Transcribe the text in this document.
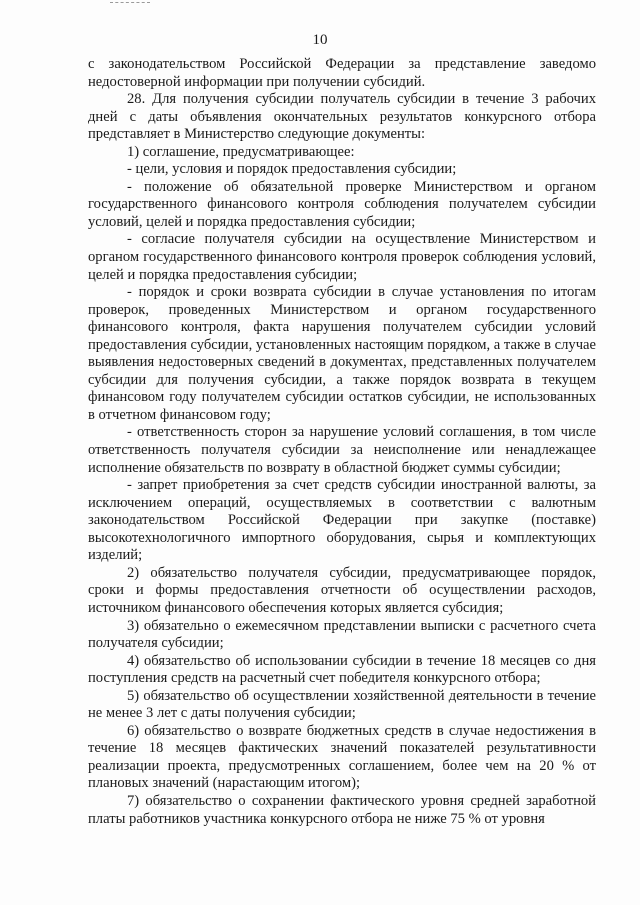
10

с законодательством Российской Федерации за представление заведомо недостоверной информации при получении субсидий.

28. Для получения субсидии получатель субсидии в течение 3 рабочих дней с даты объявления окончательных результатов конкурсного отбора представляет в Министерство следующие документы:

1) соглашение, предусматривающее:

- цели, условия и порядок предоставления субсидии;

- положение об обязательной проверке Министерством и органом государственного финансового контроля соблюдения получателем субсидии условий, целей и порядка предоставления субсидии;

- согласие получателя субсидии на осуществление Министерством и органом государственного финансового контроля проверок соблюдения условий, целей и порядка предоставления субсидии;

- порядок и сроки возврата субсидии в случае установления по итогам проверок, проведенных Министерством и органом государственного финансового контроля, факта нарушения получателем субсидии условий предоставления субсидии, установленных настоящим порядком, а также в случае выявления недостоверных сведений в документах, представленных получателем субсидии для получения субсидии, а также порядок возврата в текущем финансовом году получателем субсидии остатков субсидии, не использованных в отчетном финансовом году;

- ответственность сторон за нарушение условий соглашения, в том числе ответственность получателя субсидии за неисполнение или ненадлежащее исполнение обязательств по возврату в областной бюджет суммы субсидии;

- запрет приобретения за счет средств субсидии иностранной валюты, за исключением операций, осуществляемых в соответствии с валютным законодательством Российской Федерации при закупке (поставке) высокотехнологичного импортного оборудования, сырья и комплектующих изделий;

2) обязательство получателя субсидии, предусматривающее порядок, сроки и формы предоставления отчетности об осуществлении расходов, источником финансового обеспечения которых является субсидия;

3) обязательно о ежемесячном представлении выписки с расчетного счета получателя субсидии;

4) обязательство об использовании субсидии в течение 18 месяцев со дня поступления средств на расчетный счет победителя конкурсного отбора;

5) обязательство об осуществлении хозяйственной деятельности в течение не менее 3 лет с даты получения субсидии;

6) обязательство о возврате бюджетных средств в случае недостижения в течение 18 месяцев фактических значений показателей результативности реализации проекта, предусмотренных соглашением, более чем на 20 % от плановых значений (нарастающим итогом);

7) обязательство о сохранении фактического уровня средней заработной платы работников участника конкурсного отбора не ниже 75 % от уровня
